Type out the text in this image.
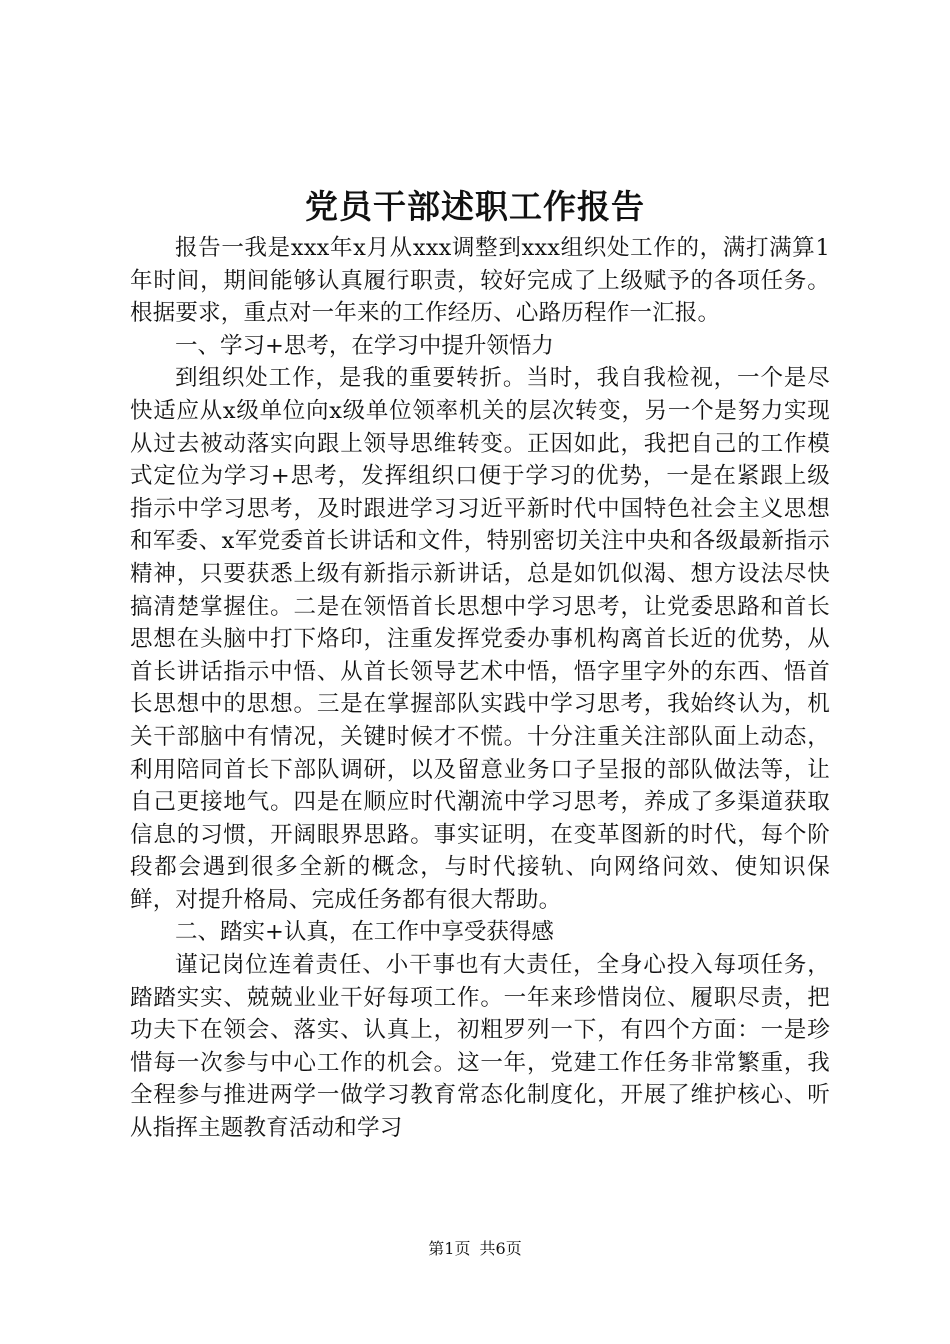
党员干部述职工作报告

报告一我是xxx年x月从xxx调整到xxx组织处工作的，满打满算1年时间，期间能够认真履行职责，较好完成了上级赋予的各项任务。根据要求，重点对一年来的工作经历、心路历程作一汇报。

一、学习+思考，在学习中提升领悟力

到组织处工作，是我的重要转折。当时，我自我检视，一个是尽快适应从x级单位向x级单位领率机关的层次转变，另一个是努力实现从过去被动落实向跟上领导思维转变。正因如此，我把自己的工作模式定位为学习+思考，发挥组织口便于学习的优势，一是在紧跟上级指示中学习思考，及时跟进学习习近平新时代中国特色社会主义思想和军委、x军党委首长讲话和文件，特别密切关注中央和各级最新指示精神，只要获悉上级有新指示新讲话，总是如饥似渴、想方设法尽快搞清楚掌握住。二是在领悟首长思想中学习思考，让党委思路和首长思想在头脑中打下烙印，注重发挥党委办事机构离首长近的优势，从首长讲话指示中悟、从首长领导艺术中悟，悟字里字外的东西、悟首长思想中的思想。三是在掌握部队实践中学习思考，我始终认为，机关干部脑中有情况，关键时候才不慌。十分注重关注部队面上动态，利用陪同首长下部队调研，以及留意业务口子呈报的部队做法等，让自己更接地气。四是在顺应时代潮流中学习思考，养成了多渠道获取信息的习惯，开阔眼界思路。事实证明，在变革图新的时代，每个阶段都会遇到很多全新的概念，与时代接轨、向网络问效、使知识保鲜，对提升格局、完成任务都有很大帮助。

二、踏实+认真，在工作中享受获得感

谨记岗位连着责任、小干事也有大责任，全身心投入每项任务，踏踏实实、兢兢业业干好每项工作。一年来珍惜岗位、履职尽责，把功夫下在领会、落实、认真上，初粗罗列一下，有四个方面：一是珍惜每一次参与中心工作的机会。这一年，党建工作任务非常繁重，我全程参与推进两学一做学习教育常态化制度化，开展了维护核心、听从指挥主题教育活动和学习

第1页 共6页
